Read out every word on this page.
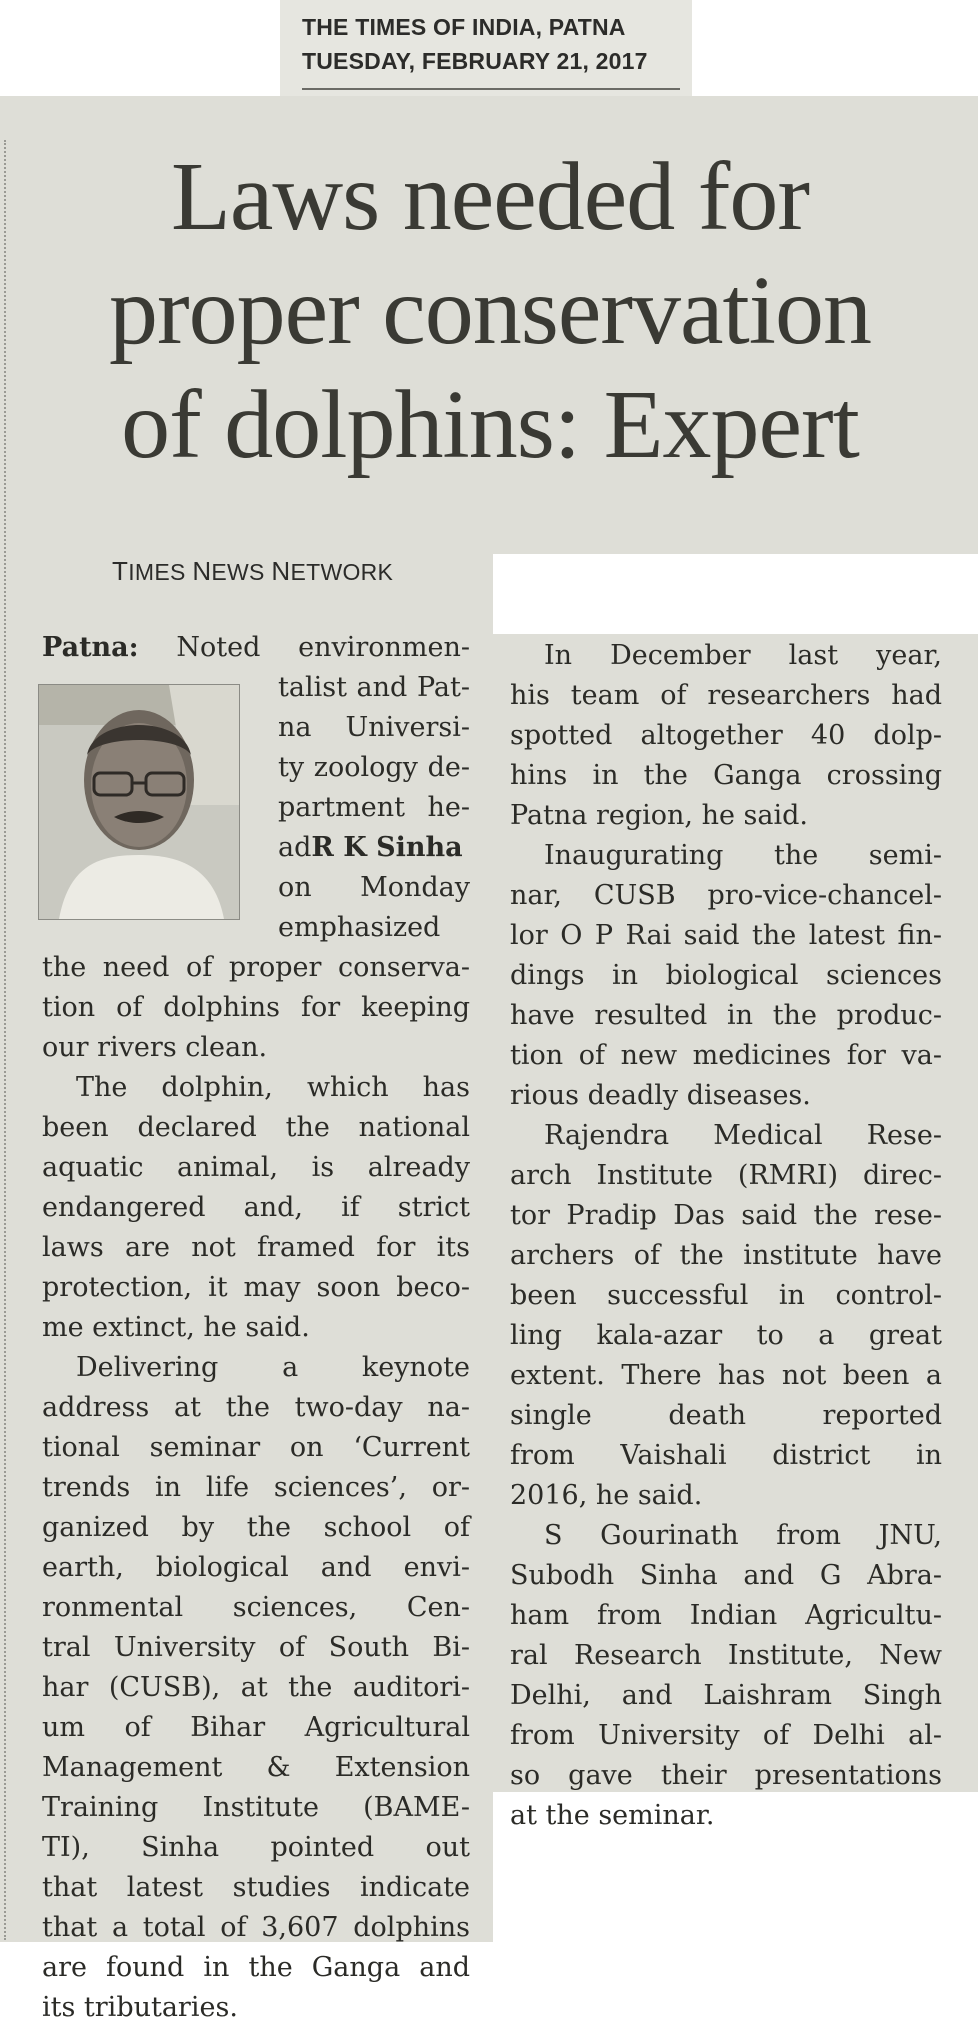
THE TIMES OF INDIA, PATNA
TUESDAY, FEBRUARY 21, 2017
Laws needed for
proper conservation
of dolphins: Expert
TIMES NEWS NETWORK
Patna: Noted environmen-
talist and Pat-
na Universi-
ty zoology de-
partment he-
adR K Sinha
on Monday
emphasized
the need of proper conserva-
tion of dolphins for keeping
our rivers clean.
The dolphin, which has
been declared the national
aquatic animal, is already
endangered and, if strict
laws are not framed for its
protection, it may soon beco-
me extinct, he said.
Delivering a keynote
address at the two-day na-
tional seminar on ‘Current
trends in life sciences’, or-
ganized by the school of
earth, biological and envi-
ronmental sciences, Cen-
tral University of South Bi-
har (CUSB), at the auditori-
um of Bihar Agricultural
Management & Extension
Training Institute (BAME-
TI), Sinha pointed out
that latest studies indicate
that a total of 3,607 dolphins
are found in the Ganga and
its tributaries.
In December last year,
his team of researchers had
spotted altogether 40 dolp-
hins in the Ganga crossing
Patna region, he said.
Inaugurating the semi-
nar, CUSB pro-vice-chancel-
lor O P Rai said the latest fin-
dings in biological sciences
have resulted in the produc-
tion of new medicines for va-
rious deadly diseases.
Rajendra Medical Rese-
arch Institute (RMRI) direc-
tor Pradip Das said the rese-
archers of the institute have
been successful in control-
ling kala-azar to a great
extent. There has not been a
single death reported
from Vaishali district in
2016, he said.
S Gourinath from JNU,
Subodh Sinha and G Abra-
ham from Indian Agricultu-
ral Research Institute, New
Delhi, and Laishram Singh
from University of Delhi al-
so gave their presentations
at the seminar.
